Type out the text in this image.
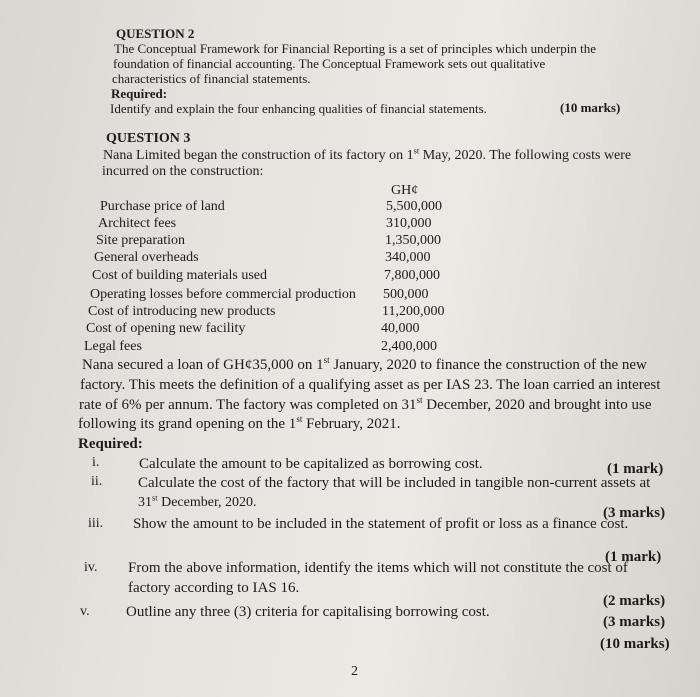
QUESTION 2
The Conceptual Framework for Financial Reporting is a set of principles which underpin the
foundation of financial accounting. The Conceptual Framework sets out qualitative
characteristics of financial statements.
Required:
Identify and explain the four enhancing qualities of financial statements.	(10 marks)
QUESTION 3
Nana Limited began the construction of its factory on 1st May, 2020. The following costs were
incurred on the construction:
GH¢
Purchase price of land	5,500,000
Architect fees	310,000
Site preparation	1,350,000
General overheads	340,000
Cost of building materials used	7,800,000
Operating losses before commercial production 500,000
Cost of introducing new products	11,200,000
Cost of opening new facility	40,000
Legal fees	2,400,000
Nana secured a loan of GH¢35,000 on 1st January, 2020 to finance the construction of the new
factory. This meets the definition of a qualifying asset as per IAS 23. The loan carried an interest
rate of 6% per annum. The factory was completed on 31st December, 2020 and brought into use
following its grand opening on the 1st February, 2021.
Required:
i.	Calculate the amount to be capitalized as borrowing cost.	(1 mark)
ii. Calculate the cost of the factory that will be included in tangible non-current assets at
31st December, 2020.
(3 marks)
iii. Show the amount to be included in the statement of profit or loss as a finance cost.
(1 mark)
iv. From the above information, identify the items which will not constitute the cost of
factory according to IAS 16.
(2 marks)
v. Outline any three (3) criteria for capitalising borrowing cost.
(3 marks)
(10 marks)
2
